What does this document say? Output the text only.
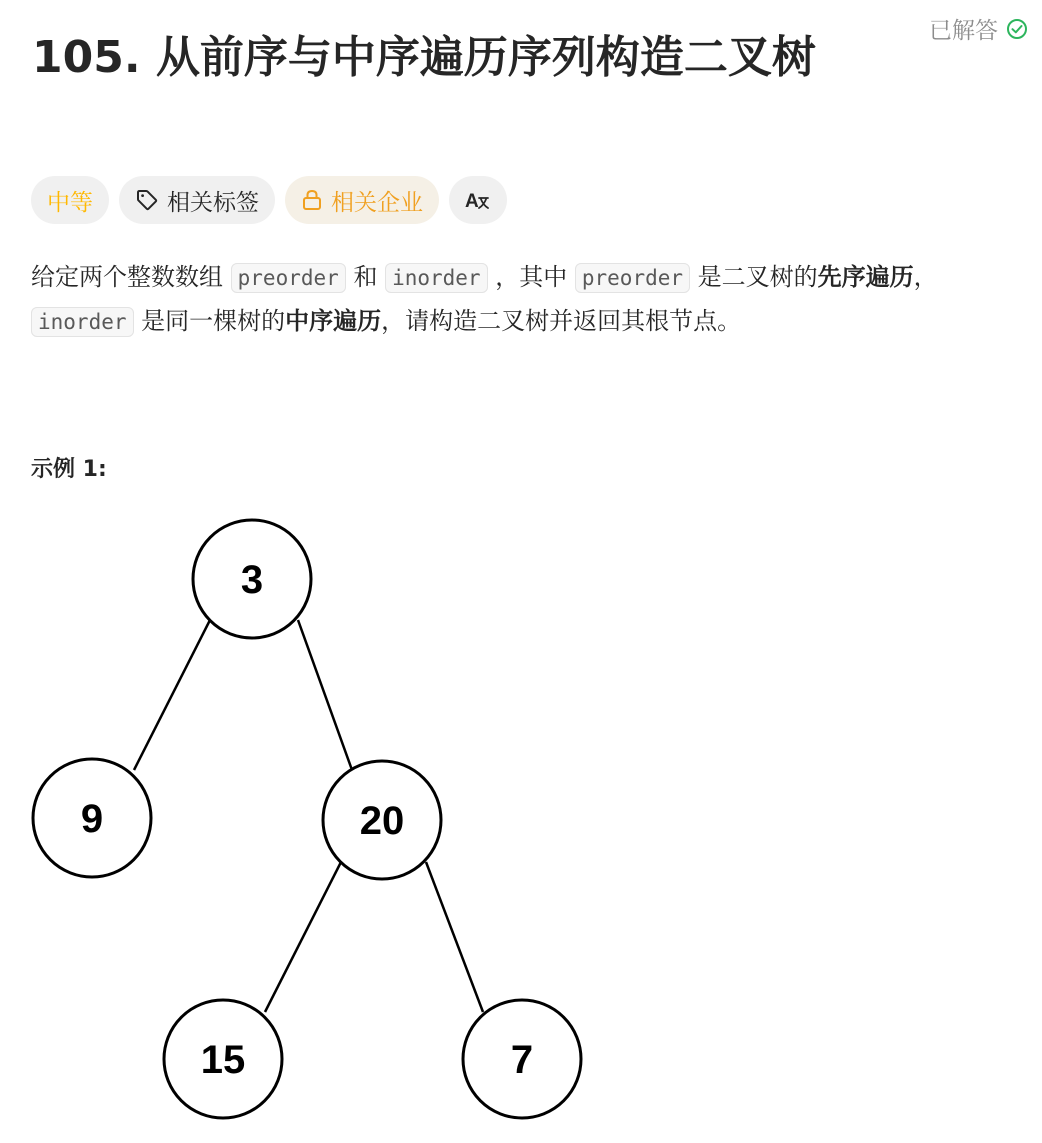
105. 从前序与中序遍历序列构造二叉树
已解答
中等	相关标签	相关企业 A
给定两个整数数组 preorder 和 inorder ，其中 preorder 是二叉树的先序遍历， inorder 是同一棵树的中序遍历，请构造二叉树并返回其根节点。
示例 1:
3
9	20
15	7
